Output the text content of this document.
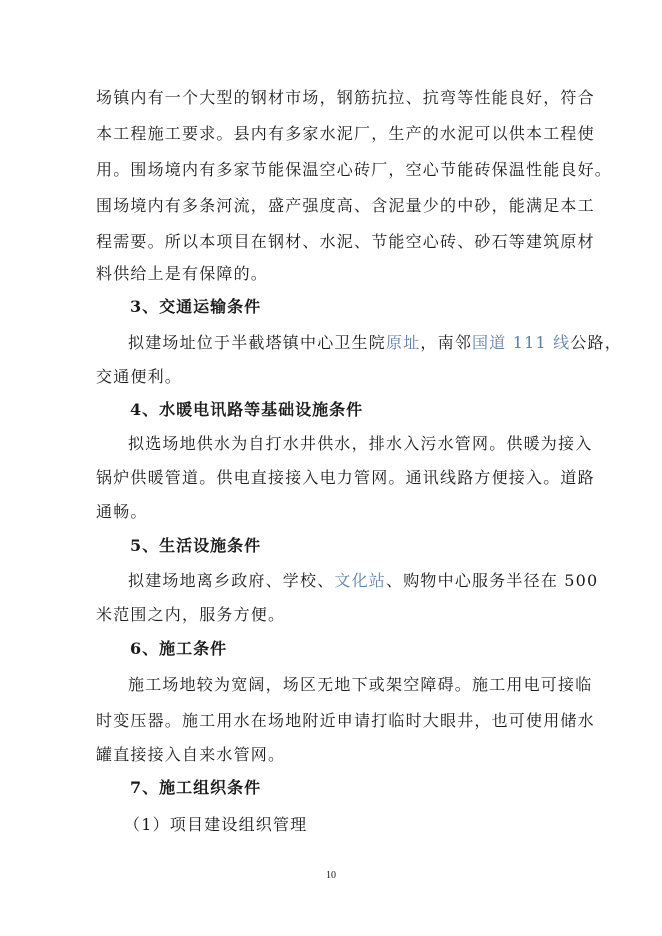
场镇内有一个大型的钢材市场，钢筋抗拉、抗弯等性能良好，符合
本工程施工要求。县内有多家水泥厂，生产的水泥可以供本工程使
用。围场境内有多家节能保温空心砖厂，空心节能砖保温性能良好。
围场境内有多条河流，盛产强度高、含泥量少的中砂，能满足本工
程需要。所以本项目在钢材、水泥、节能空心砖、砂石等建筑原材
料供给上是有保障的。
3、交通运输条件
拟建场址位于半截塔镇中心卫生院原址，南邻国道 111 线公路，
交通便利。
4、水暖电讯路等基础设施条件
拟选场地供水为自打水井供水，排水入污水管网。供暖为接入
锅炉供暖管道。供电直接接入电力管网。通讯线路方便接入。道路
通畅。
5、生活设施条件
拟建场地离乡政府、学校、文化站、购物中心服务半径在 500
米范围之内，服务方便。
6、施工条件
施工场地较为宽阔，场区无地下或架空障碍。施工用电可接临
时变压器。施工用水在场地附近申请打临时大眼井，也可使用储水
罐直接接入自来水管网。
7、施工组织条件
（1）项目建设组织管理
10
